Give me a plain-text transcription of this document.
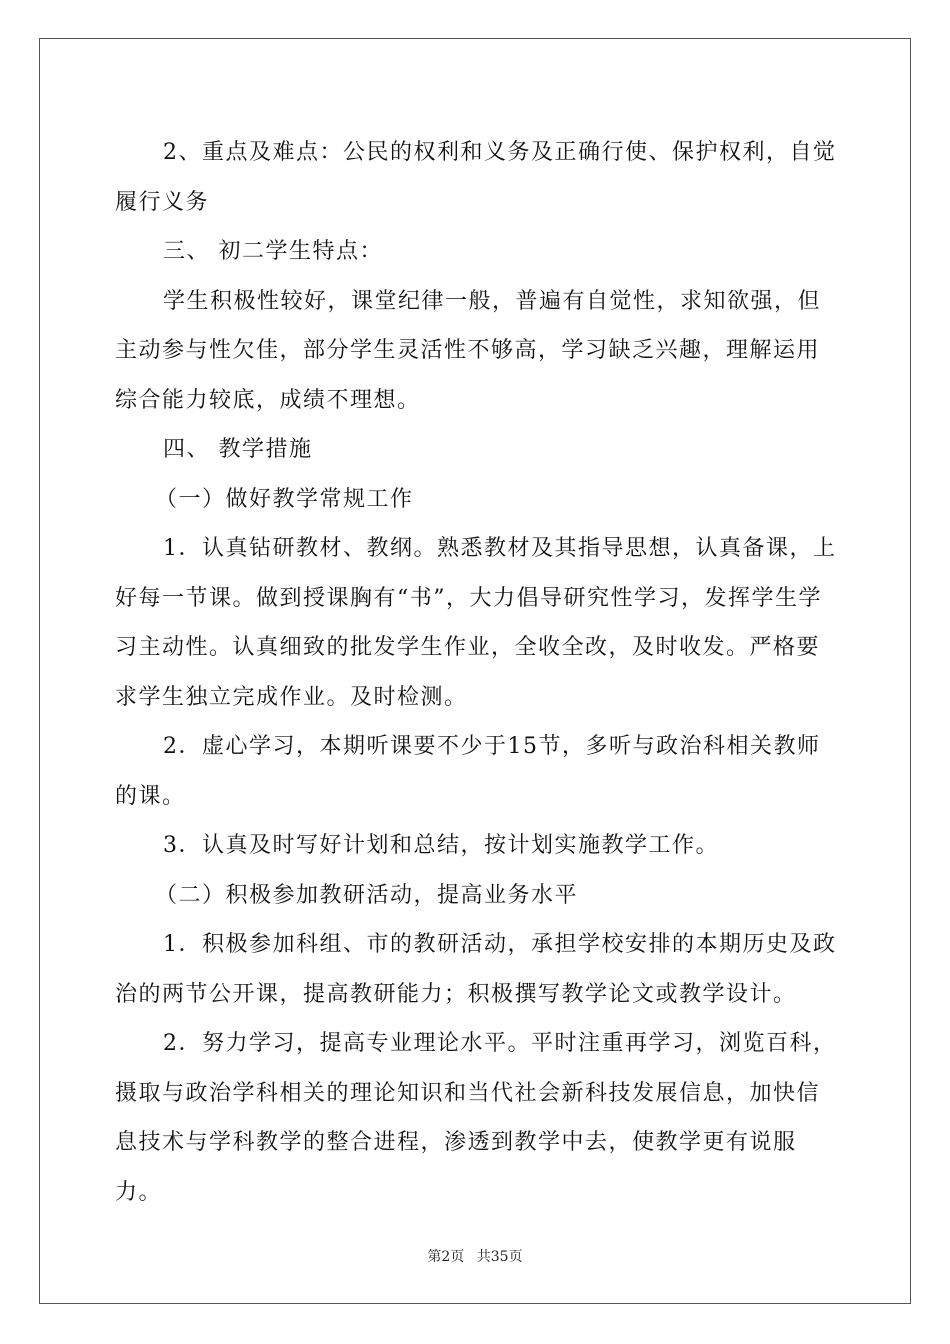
2、重点及难点：公民的权利和义务及正确行使、保护权利，自觉履行义务

三、 初二学生特点：

学生积极性较好，课堂纪律一般，普遍有自觉性，求知欲强，但主动参与性欠佳，部分学生灵活性不够高，学习缺乏兴趣，理解运用综合能力较底，成绩不理想。

四、 教学措施

（一）做好教学常规工作

1．认真钻研教材、教纲。熟悉教材及其指导思想，认真备课，上好每一节课。做到授课胸有“书”，大力倡导研究性学习，发挥学生学习主动性。认真细致的批发学生作业，全收全改，及时收发。严格要求学生独立完成作业。及时检测。

2．虚心学习，本期听课要不少于15节，多听与政治科相关教师的课。

3．认真及时写好计划和总结，按计划实施教学工作。

（二）积极参加教研活动，提高业务水平

1．积极参加科组、市的教研活动，承担学校安排的本期历史及政治的两节公开课，提高教研能力；积极撰写教学论文或教学设计。

2．努力学习，提高专业理论水平。平时注重再学习，浏览百科，摄取与政治学科相关的理论知识和当代社会新科技发展信息，加快信息技术与学科教学的整合进程，渗透到教学中去，使教学更有说服力。

第2页 共35页
